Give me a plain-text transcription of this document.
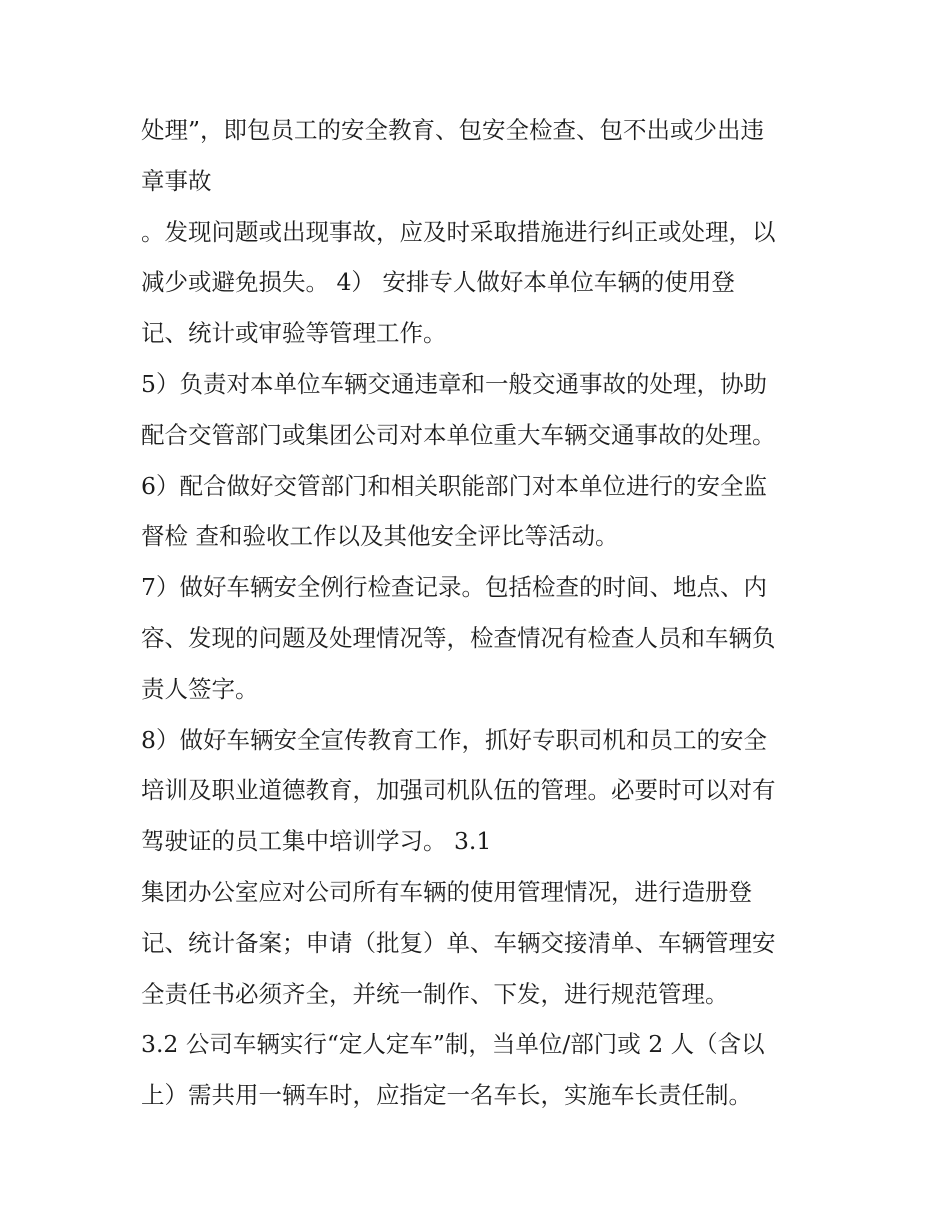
处理”，即包员工的安全教育、包安全检查、包不出或少出违
章事故
。发现问题或出现事故，应及时采取措施进行纠正或处理，以
减少或避免损失。 4） 安排专人做好本单位车辆的使用登
记、统计或审验等管理工作。
5）负责对本单位车辆交通违章和一般交通事故的处理，协助
配合交管部门或集团公司对本单位重大车辆交通事故的处理。
6）配合做好交管部门和相关职能部门对本单位进行的安全监
督检 查和验收工作以及其他安全评比等活动。
7）做好车辆安全例行检查记录。包括检查的时间、地点、内
容、发现的问题及处理情况等，检查情况有检查人员和车辆负
责人签字。
8）做好车辆安全宣传教育工作，抓好专职司机和员工的安全
培训及职业道德教育，加强司机队伍的管理。必要时可以对有
驾驶证的员工集中培训学习。 3.1
集团办公室应对公司所有车辆的使用管理情况，进行造册登
记、统计备案；申请（批复）单、车辆交接清单、车辆管理安
全责任书必须齐全，并统一制作、下发，进行规范管理。
3.2 公司车辆实行“定人定车”制，当单位/部门或 2 人（含以
上）需共用一辆车时，应指定一名车长，实施车长责任制。
